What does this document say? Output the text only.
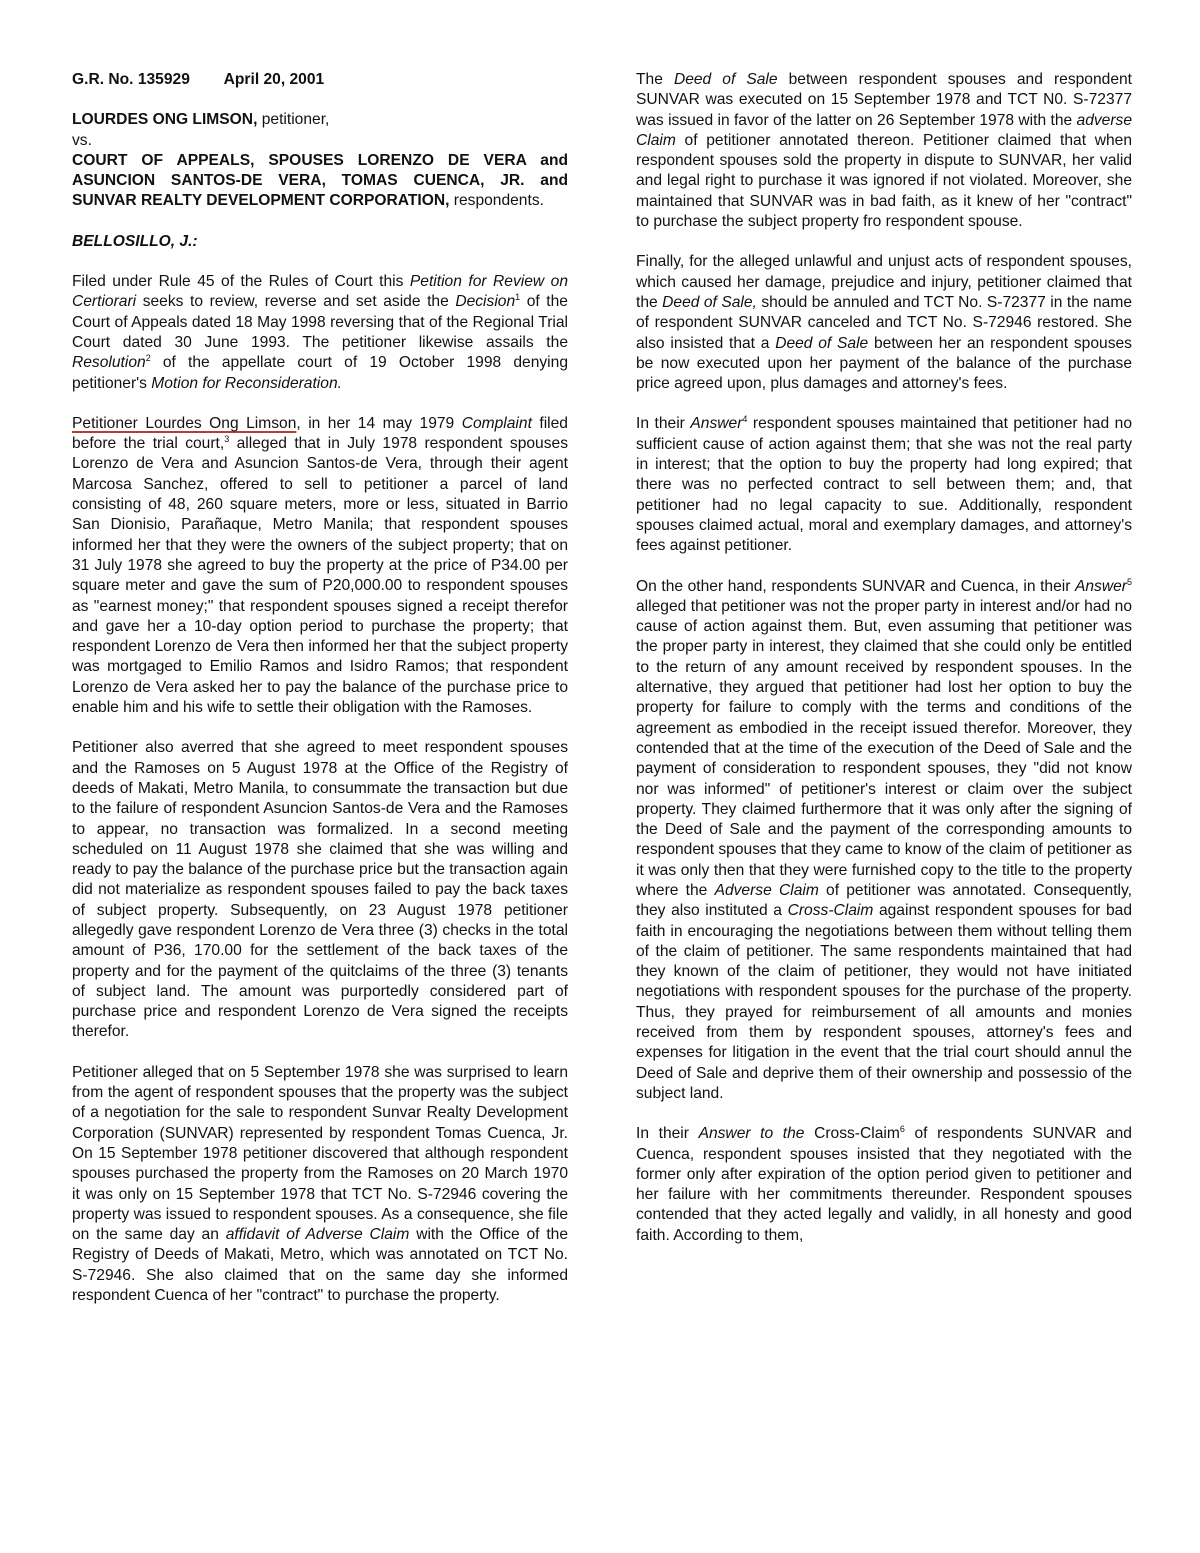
G.R. No. 135929 April 20, 2001
LOURDES ONG LIMSON, petitioner,
vs.
COURT OF APPEALS, SPOUSES LORENZO DE VERA and ASUNCION SANTOS-DE VERA, TOMAS CUENCA, JR. and SUNVAR REALTY DEVELOPMENT CORPORATION, respondents.
BELLOSILLO, J.:

Filed under Rule 45 of the Rules of Court this Petition for Review on Certiorari seeks to review, reverse and set aside the Decision$^1$ of the Court of Appeals dated 18 May 1998 reversing that of the Regional Trial Court dated 30 June 1993. The petitioner likewise assails the Resolution$^2$ of the appellate court of 19 October 1998 denying petitioner's Motion for Reconsideration.

Petitioner Lourdes Ong Limson, in her 14 may 1979 Complaint filed before the trial court,$^3$ alleged that in July 1978 respondent spouses Lorenzo de Vera and Asuncion Santos-de Vera, through their agent Marcosa Sanchez, offered to sell to petitioner a parcel of land consisting of 48, 260 square meters, more or less, situated in Barrio San Dionisio, Parañaque, Metro Manila; that respondent spouses informed her that they were the owners of the subject property; that on 31 July 1978 she agreed to buy the property at the price of P34.00 per square meter and gave the sum of P20,000.00 to respondent spouses as "earnest money;" that respondent spouses signed a receipt therefor and gave her a 10-day option period to purchase the property; that respondent Lorenzo de Vera then informed her that the subject property was mortgaged to Emilio Ramos and Isidro Ramos; that respondent Lorenzo de Vera asked her to pay the balance of the purchase price to enable him and his wife to settle their obligation with the Ramoses.

Petitioner also averred that she agreed to meet respondent spouses and the Ramoses on 5 August 1978 at the Office of the Registry of deeds of Makati, Metro Manila, to consummate the transaction but due to the failure of respondent Asuncion Santos-de Vera and the Ramoses to appear, no transaction was formalized. In a second meeting scheduled on 11 August 1978 she claimed that she was willing and ready to pay the balance of the purchase price but the transaction again did not materialize as respondent spouses failed to pay the back taxes of subject property. Subsequently, on 23 August 1978 petitioner allegedly gave respondent Lorenzo de Vera three (3) checks in the total amount of P36, 170.00 for the settlement of the back taxes of the property and for the payment of the quitclaims of the three (3) tenants of subject land. The amount was purportedly considered part of purchase price and respondent Lorenzo de Vera signed the receipts therefor.

Petitioner alleged that on 5 September 1978 she was surprised to learn from the agent of respondent spouses that the property was the subject of a negotiation for the sale to respondent Sunvar Realty Development Corporation (SUNVAR) represented by respondent Tomas Cuenca, Jr. On 15 September 1978 petitioner discovered that although respondent spouses purchased the property from the Ramoses on 20 March 1970 it was only on 15 September 1978 that TCT No. S-72946 covering the property was issued to respondent spouses. As a consequence, she file on the same day an affidavit of Adverse Claim with the Office of the Registry of Deeds of Makati, Metro, which was annotated on TCT No. S-72946. She also claimed that on the same day she informed respondent Cuenca of her "contract" to purchase the property.

The Deed of Sale between respondent spouses and respondent SUNVAR was executed on 15 September 1978 and TCT N0. S-72377 was issued in favor of the latter on 26 September 1978 with the adverse Claim of petitioner annotated thereon. Petitioner claimed that when respondent spouses sold the property in dispute to SUNVAR, her valid and legal right to purchase it was ignored if not violated. Moreover, she maintained that SUNVAR was in bad faith, as it knew of her "contract" to purchase the subject property fro respondent spouse.

Finally, for the alleged unlawful and unjust acts of respondent spouses, which caused her damage, prejudice and injury, petitioner claimed that the Deed of Sale, should be annuled and TCT No. S-72377 in the name of respondent SUNVAR canceled and TCT No. S-72946 restored. She also insisted that a Deed of Sale between her an respondent spouses be now executed upon her payment of the balance of the purchase price agreed upon, plus damages and attorney's fees.

In their Answer$^4$ respondent spouses maintained that petitioner had no sufficient cause of action against them; that she was not the real party in interest; that the option to buy the property had long expired; that there was no perfected contract to sell between them; and, that petitioner had no legal capacity to sue. Additionally, respondent spouses claimed actual, moral and exemplary damages, and attorney's fees against petitioner.

On the other hand, respondents SUNVAR and Cuenca, in their Answer$^5$ alleged that petitioner was not the proper party in interest and/or had no cause of action against them. But, even assuming that petitioner was the proper party in interest, they claimed that she could only be entitled to the return of any amount received by respondent spouses. In the alternative, they argued that petitioner had lost her option to buy the property for failure to comply with the terms and conditions of the agreement as embodied in the receipt issued therefor. Moreover, they contended that at the time of the execution of the Deed of Sale and the payment of consideration to respondent spouses, they "did not know nor was informed" of petitioner's interest or claim over the subject property. They claimed furthermore that it was only after the signing of the Deed of Sale and the payment of the corresponding amounts to respondent spouses that they came to know of the claim of petitioner as it was only then that they were furnished copy to the title to the property where the Adverse Claim of petitioner was annotated. Consequently, they also instituted a Cross-Claim against respondent spouses for bad faith in encouraging the negotiations between them without telling them of the claim of petitioner. The same respondents maintained that had they known of the claim of petitioner, they would not have initiated negotiations with respondent spouses for the purchase of the property. Thus, they prayed for reimbursement of all amounts and monies received from them by respondent spouses, attorney's fees and expenses for litigation in the event that the trial court should annul the Deed of Sale and deprive them of their ownership and possessio of the subject land.

In their Answer to the Cross-Claim$^6$ of respondents SUNVAR and Cuenca, respondent spouses insisted that they negotiated with the former only after expiration of the option period given to petitioner and her failure with her commitments thereunder. Respondent spouses contended that they acted legally and validly, in all honesty and good faith. According to them,
